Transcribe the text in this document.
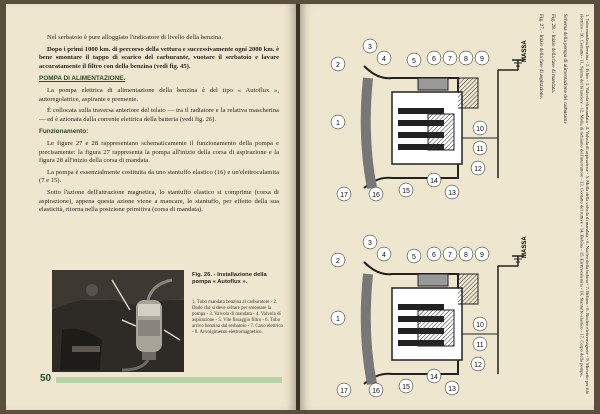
Nel serbatoio è pure alloggiato l'indicatore di livello della benzina.

Dopo i primi 1000 km. di percorso della vettura e successivamente ogni 2000 km. è bene smontare il tappo di scarico del carburante, vuotare il serbatoio e lavare accuratamente il filtro con della benzina (vedi fig. 45).

POMPA DI ALIMENTAZIONE.

La pompa elettrica di alimentazione della benzina è del tipo « Autoflux », autoregolatrice, aspirante e premente.

È collocata sulla traversa anteriore del telaio — tra il radiatore e la relativa mascherina — ed è azionata dalla corrente elettrica della batteria (vedi fig. 26).

Funzionamento:

Le figure 27 e 28 rappresentano schematicamente il funzionamento della pompa e precisamente: la figura 27 rappresenta la pompa all'inizio della corsa di aspirazione e la figura 28 all'inizio della corsa di mandata.

La pompa è essenzialmente costituita da uno stantuffo elastico (16) e un'elettrocalamita (7 e 15).

Sotto l'azione dell'attrazione magnetica, lo stantuffo elastico si comprime (corsa di aspirazione), appena questa azione viene a mancare, lo stantuffo, per effetto della sua elasticità, ritorna nella posizione primitiva (corsa di mandata).

Fig. 26. - Installazione della pompa « Autoflux ».
1. Tubo mandata benzina al carburatore - 2. Dado che si deve svitare per smontare la pompa - 3. Valvola di mandata - 4. Valvola di aspirazione - 5. Vite fissaggio filtro - 6. Tubo arrivo benzina dal serbatoio - 7. Cavo elettrico - 8. Avvolgimento elettromagnetico.
50
MASSA
2
1
3
4	5 6 7 8 9
17	16
15
14
13
12
11
10
MASSA
2
1
3
4	5 6 7 8 9
17	16
15
14
13
12
11
10
Fig. 28. - Inizio della fase di mandata.	Schema della pompa di alimentazione del carburante	1. Tubo mandata benzina - 2. Filtro - 3. Valvola di mandata - 4. Valvola di aspirazione - 5. Molla della valvola di mandata - 6. Nucleo della bobina - 7. Bobina - 8. Nucleo elettromagnete - 9. Morsetto per filo elettrico - 10. Contatto - 11. Spinta del bilanciere - 12. Molla di richiamo dell'interruttore - 13. Contatto del ruttore - 14. Bobina - 15. Elettrocalamita - 16. Stantuffo elastico - 17. Corpo della pompa.
Fig. 27. - Inizio della fase di aspirazione.
